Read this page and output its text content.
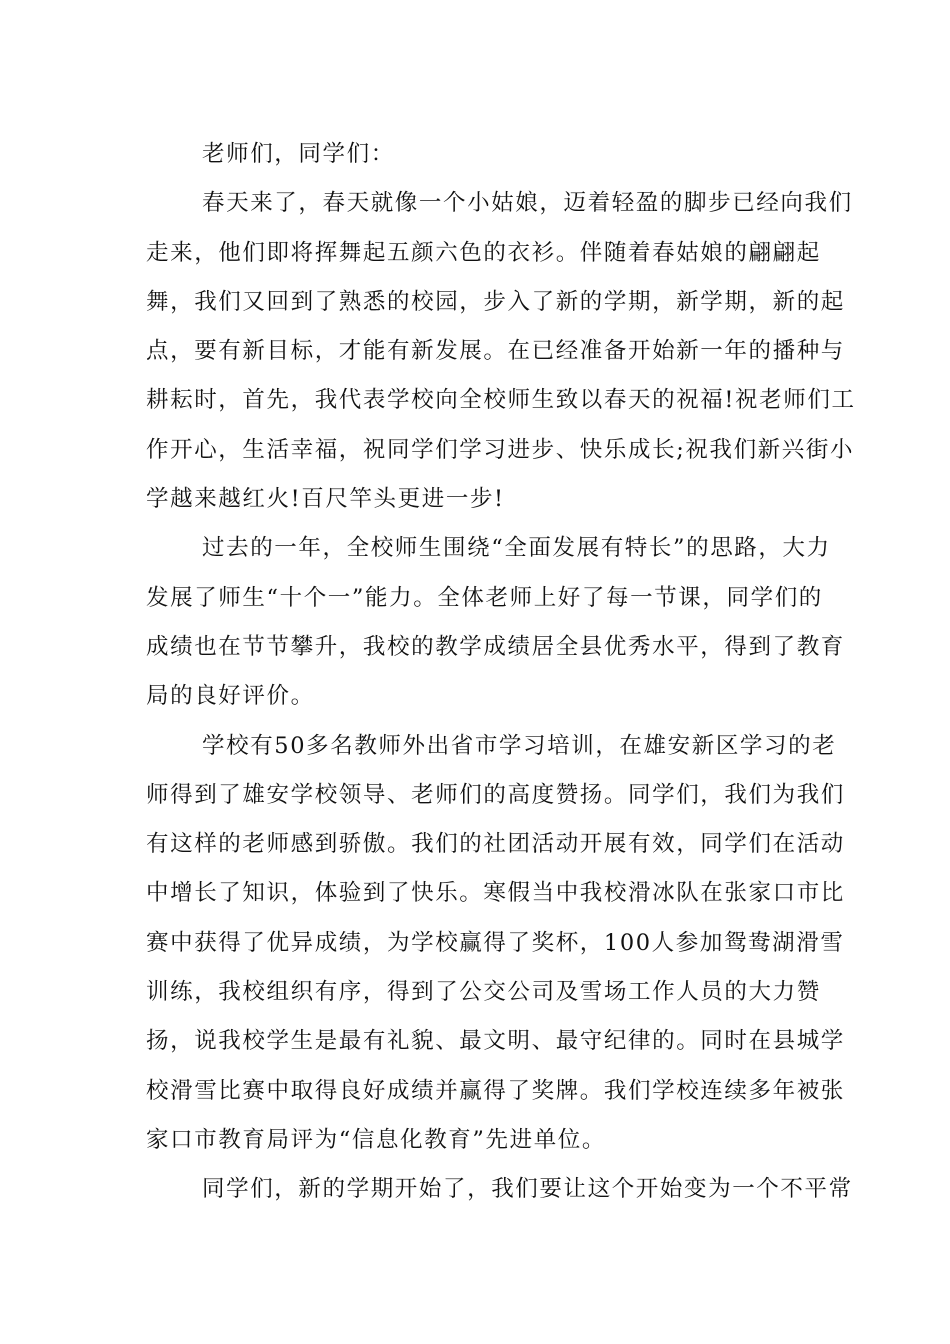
老师们，同学们：
春天来了，春天就像一个小姑娘，迈着轻盈的脚步已经向我们
走来，他们即将挥舞起五颜六色的衣衫。伴随着春姑娘的翩翩起
舞，我们又回到了熟悉的校园，步入了新的学期，新学期，新的起
点，要有新目标，才能有新发展。在已经准备开始新一年的播种与
耕耘时，首先，我代表学校向全校师生致以春天的祝福!祝老师们工
作开心，生活幸福，祝同学们学习进步、快乐成长;祝我们新兴街小
学越来越红火!百尺竿头更进一步!
过去的一年，全校师生围绕“全面发展有特长”的思路，大力
发展了师生“十个一”能力。全体老师上好了每一节课，同学们的
成绩也在节节攀升，我校的教学成绩居全县优秀水平，得到了教育
局的良好评价。
学校有50多名教师外出省市学习培训，在雄安新区学习的老
师得到了雄安学校领导、老师们的高度赞扬。同学们，我们为我们
有这样的老师感到骄傲。我们的社团活动开展有效，同学们在活动
中增长了知识，体验到了快乐。寒假当中我校滑冰队在张家口市比
赛中获得了优异成绩，为学校赢得了奖杯，100人参加鸳鸯湖滑雪
训练，我校组织有序，得到了公交公司及雪场工作人员的大力赞
扬，说我校学生是最有礼貌、最文明、最守纪律的。同时在县城学
校滑雪比赛中取得良好成绩并赢得了奖牌。我们学校连续多年被张
家口市教育局评为“信息化教育”先进单位。
同学们，新的学期开始了，我们要让这个开始变为一个不平常
